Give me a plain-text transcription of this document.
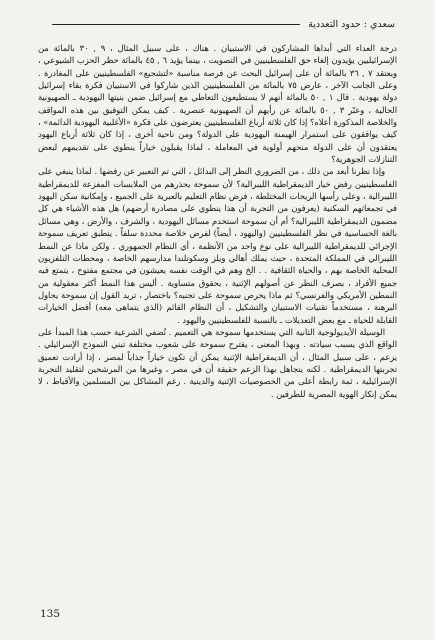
سعدي : حدود التعددية

درجة العداء التي أبداها المشاركون في الاستبيان . هناك ، على سبيل المثال ، ٩ , ٣٠ بالمائة من الإسرائيليين يؤيدون إلغاء حق الفلسطينيين في التصويت ، بينما يؤيد ٦ , ٤٥ بالمائة حظر الحزب الشيوعي ، ويعتقد ٧ , ٣٦ بالمائة أن على إسرائيل البحث عن فرصة مناسبة «لتشجيع» الفلسطينيين على المغادرة . وعلى الجانب الآخر ، عارض ٧٥ بالمائة من الفلسطينيين الذين شاركوا في الاستبيان فكرة بقاء إسرائيل دولة يهودية . قال ١ , ٥٠ بالمائة أنهم لا يستطيعون التعاطي مع إسرائيل ضمن بنيتها اليهودية ـ الصهيونية الحالية ، وعبّر ٣ , ٥٠ بالمائة عن رأيهم أن الصهيونية عنصرية . كيف يمكن التوفيق بين هذه المواقف والخلاصة المذكورة أعلاه؟ إذا كان ثلاثة أرباع الفلسطينيين يعترضون على فكرة «الأغلبية اليهودية الدائمة» ، كيف يوافقون على استمرار الهيمنة اليهودية على الدولة؟ ومن ناحية أخرى ، إذا كان ثلاثة أرباع اليهود يعتقدون أن على الدولة منحهم أولوية في المعاملة ، لماذا يقبلون خياراً ينطوي على تقديمهم لبعض التنازلات الجوهرية؟

وإذا نظرنا أبعد من ذلك ، من الضروري النظر إلى البدائل ، التي تم التعبير عن رفضها . لماذا ينبغي على الفلسطينيين رفض خيار الديمقراطية الليبرالية؟ لأن سموحة يحذرهم من الملابسات المفزعة للديمقراطية الليبرالية ، وعلى رأسها الريحات المختلطة ، فرض نظام التعليم بالعبرية على الجميع ، وإمكانية سكن اليهود في تجمعاتهم السكنية (يعرفون من التجربة أن هذا ينطوي على مصادرة أرضهم) هل هذه الأشياء هي كل مضمون الديمقراطية الليبرالية؟ أم أن سموحة استخدم مسائل اليهودية ، والشرف ، والأرض ، وهي مسائل بالغة الحساسية في نظر الفلسطينيين (واليهود ، أيضاً) لفرض خلاصة محددة سلفاً . ينطبق تعريف سموحة الإجرائي للديمقراطية الليبرالية على نوع واحد من الأنظمة ، أي النظام الجمهوري . ولكن ماذا عن النمط الليبرالي في المملكة المتحدة ، حيث يملك أهالي ويلز وسكوتلندا مدارسهم الخاصة ، ومحطات التلفزيون المحلية الخاصة بهم ، والحياة الثقافية . . الخ وهم في الوقت نفسه يعيشون في مجتمع مفتوح ، يتمتع فيه جميع الأفراد ، بصرف النظر عن أصولهم الإثنية ، بحقوق متساوية . أليس هذا النمط أكثر معقولية من النمطين الأمريكي والفرنسي؟ ثم ماذا يحرص سموحة على تجنبه؟ باختصار ، تريد القول إن سموحة يحاول البرهنة ، مستخدماً تقنيات الاستبيان والتشكيل ، أن النظام القائم (الذي يتماهى معه) أفضل الخيارات القابلة للحياة ـ مع بعض التعديلات ـ بالنسبة للفلسطينيين واليهود .

الوسيلة الأيديولوجية الثانية التي يستخدمها سموحة هي التعميم . تُضفي الشرعية حسب هذا المبدأ على الواقع الذي يسبب سيادته . وبهذا المعنى ، يقترح سموحة على شعوب مختلفة تبني النموذج الإسرائيلي . يزعم ، على سبيل المثال ، أن الديمقراطية الإثنية يمكن أن تكون خياراً جذاباً لمصر ، إذا أرادت تعميق تجربتها الديمقراطية . لكنه يتجاهل بهذا الزعم حقيقة أن في مصر ، وغيرها من المرشحين لتقليد التجربة الإسرائيلية ، ثمة رابطة أعلى من الخصوصيات الإثنية والدينية . رغم المشاكل بين المسلمين والأقباط ، لا يمكن إنكار الهوية المصرية للطرفين .

135
